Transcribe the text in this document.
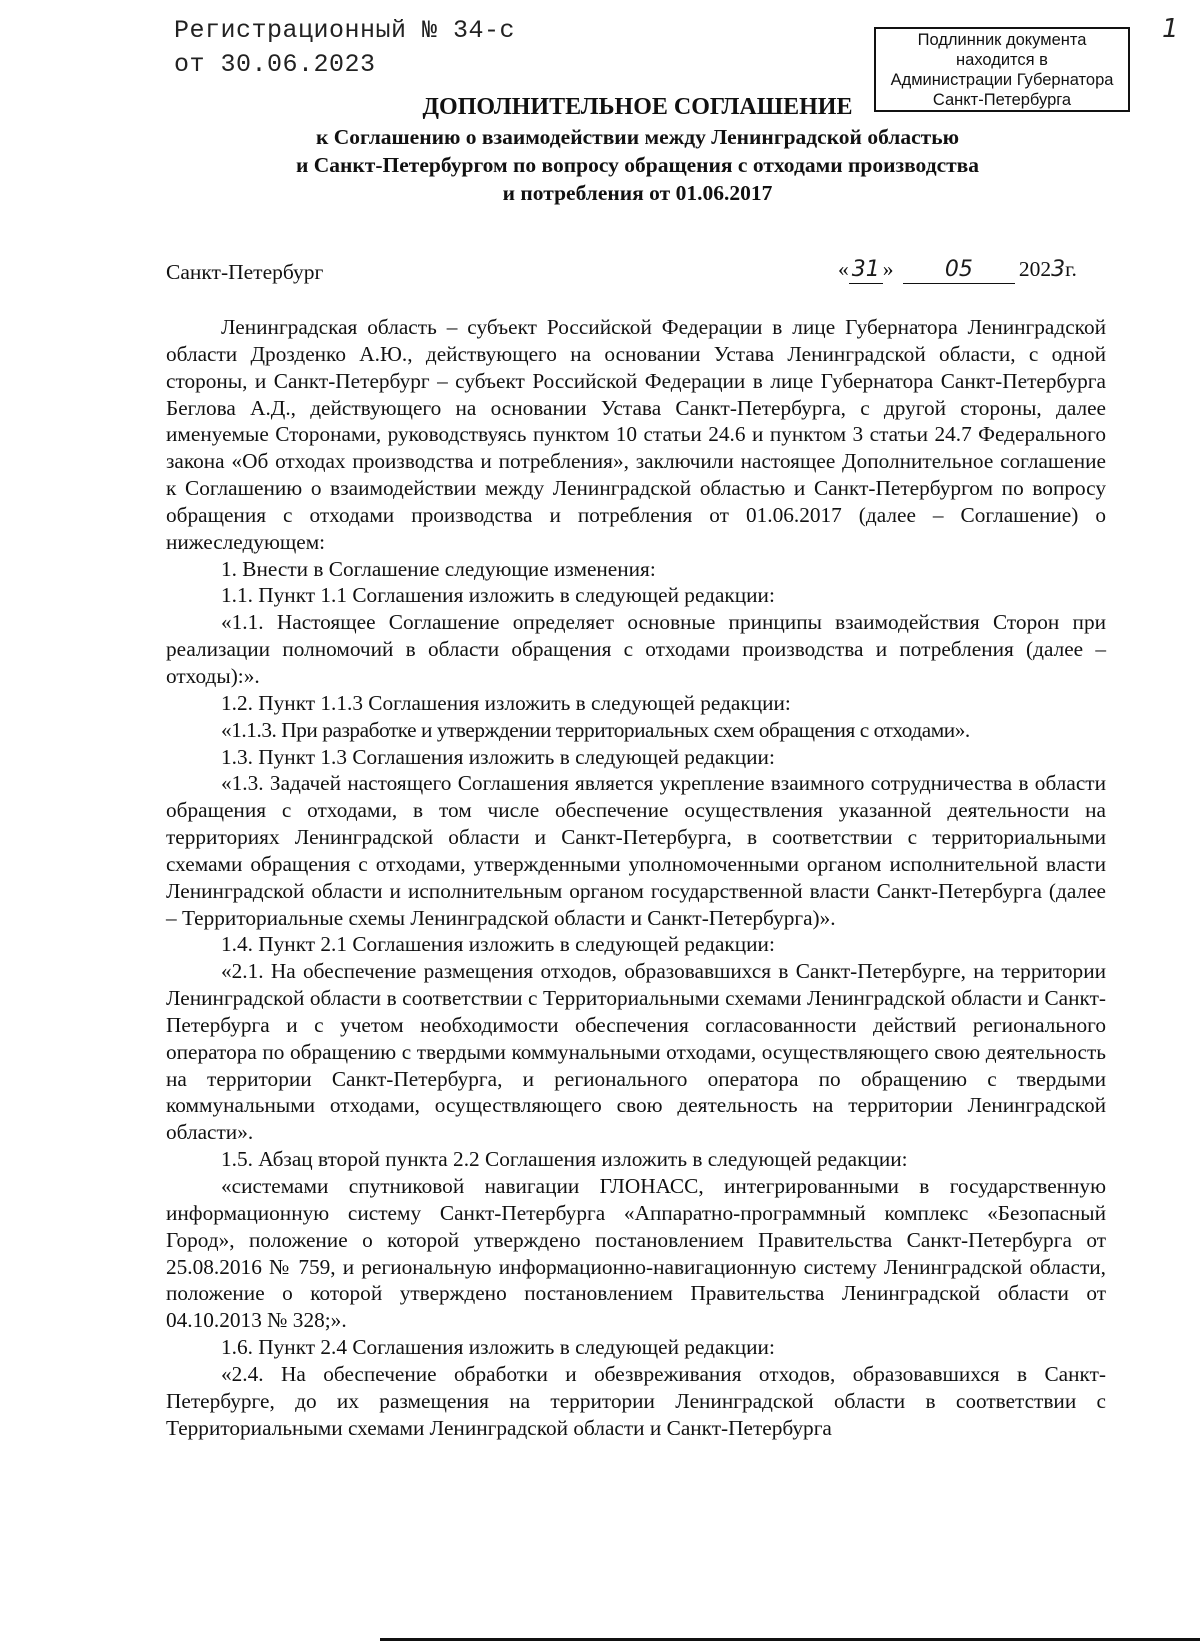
Регистрационный № 34-с
от 30.06.2023
Подлинник документа
находится в
Администрации Губернатора
Санкт-Петербурга
1
ДОПОЛНИТЕЛЬНОЕ СОГЛАШЕНИЕ
к Соглашению о взаимодействии между Ленинградской областью
и Санкт-Петербургом по вопросу обращения с отходами производства
и потребления от 01.06.2017
Санкт-Петербург	« 31 » 05 2023г.

Ленинградская область – субъект Российской Федерации в лице Губернатора Ленинградской области Дрозденко А.Ю., действующего на основании Устава Ленинградской области, с одной стороны, и Санкт-Петербург – субъект Российской Федерации в лице Губернатора Санкт-Петербурга Беглова А.Д., действующего на основании Устава Санкт-Петербурга, с другой стороны, далее именуемые Сторонами, руководствуясь пунктом 10 статьи 24.6 и пунктом 3 статьи 24.7 Федерального закона «Об отходах производства и потребления», заключили настоящее Дополнительное соглашение к Соглашению о взаимодействии между Ленинградской областью и Санкт-Петербургом по вопросу обращения с отходами производства и потребления от 01.06.2017 (далее – Соглашение) о нижеследующем:

1. Внести в Соглашение следующие изменения:

1.1. Пункт 1.1 Соглашения изложить в следующей редакции:

«1.1. Настоящее Соглашение определяет основные принципы взаимодействия Сторон при реализации полномочий в области обращения с отходами производства и потребления (далее – отходы):».

1.2. Пункт 1.1.3 Соглашения изложить в следующей редакции:

«1.1.3. При разработке и утверждении территориальных схем обращения с отходами».

1.3. Пункт 1.3 Соглашения изложить в следующей редакции:

«1.3. Задачей настоящего Соглашения является укрепление взаимного сотрудничества в области обращения с отходами, в том числе обеспечение осуществления указанной деятельности на территориях Ленинградской области и Санкт-Петербурга, в соответствии с территориальными схемами обращения с отходами, утвержденными уполномоченными органом исполнительной власти Ленинградской области и исполнительным органом государственной власти Санкт-Петербурга (далее – Территориальные схемы Ленинградской области и Санкт-Петербурга)».

1.4. Пункт 2.1 Соглашения изложить в следующей редакции:

«2.1. На обеспечение размещения отходов, образовавшихся в Санкт-Петербурге, на территории Ленинградской области в соответствии с Территориальными схемами Ленинградской области и Санкт-Петербурга и с учетом необходимости обеспечения согласованности действий регионального оператора по обращению с твердыми коммунальными отходами, осуществляющего свою деятельность на территории Санкт-Петербурга, и регионального оператора по обращению с твердыми коммунальными отходами, осуществляющего свою деятельность на территории Ленинградской области».

1.5. Абзац второй пункта 2.2 Соглашения изложить в следующей редакции:

«системами спутниковой навигации ГЛОНАСС, интегрированными в государственную информационную систему Санкт-Петербурга «Аппаратно-программный комплекс «Безопасный Город», положение о которой утверждено постановлением Правительства Санкт-Петербурга от 25.08.2016 № 759, и региональную информационно-навигационную систему Ленинградской области, положение о которой утверждено постановлением Правительства Ленинградской области от 04.10.2013 № 328;».

1.6. Пункт 2.4 Соглашения изложить в следующей редакции:

«2.4. На обеспечение обработки и обезвреживания отходов, образовавшихся в Санкт-Петербурге, до их размещения на территории Ленинградской области в соответствии с Территориальными схемами Ленинградской области и Санкт-Петербурга
